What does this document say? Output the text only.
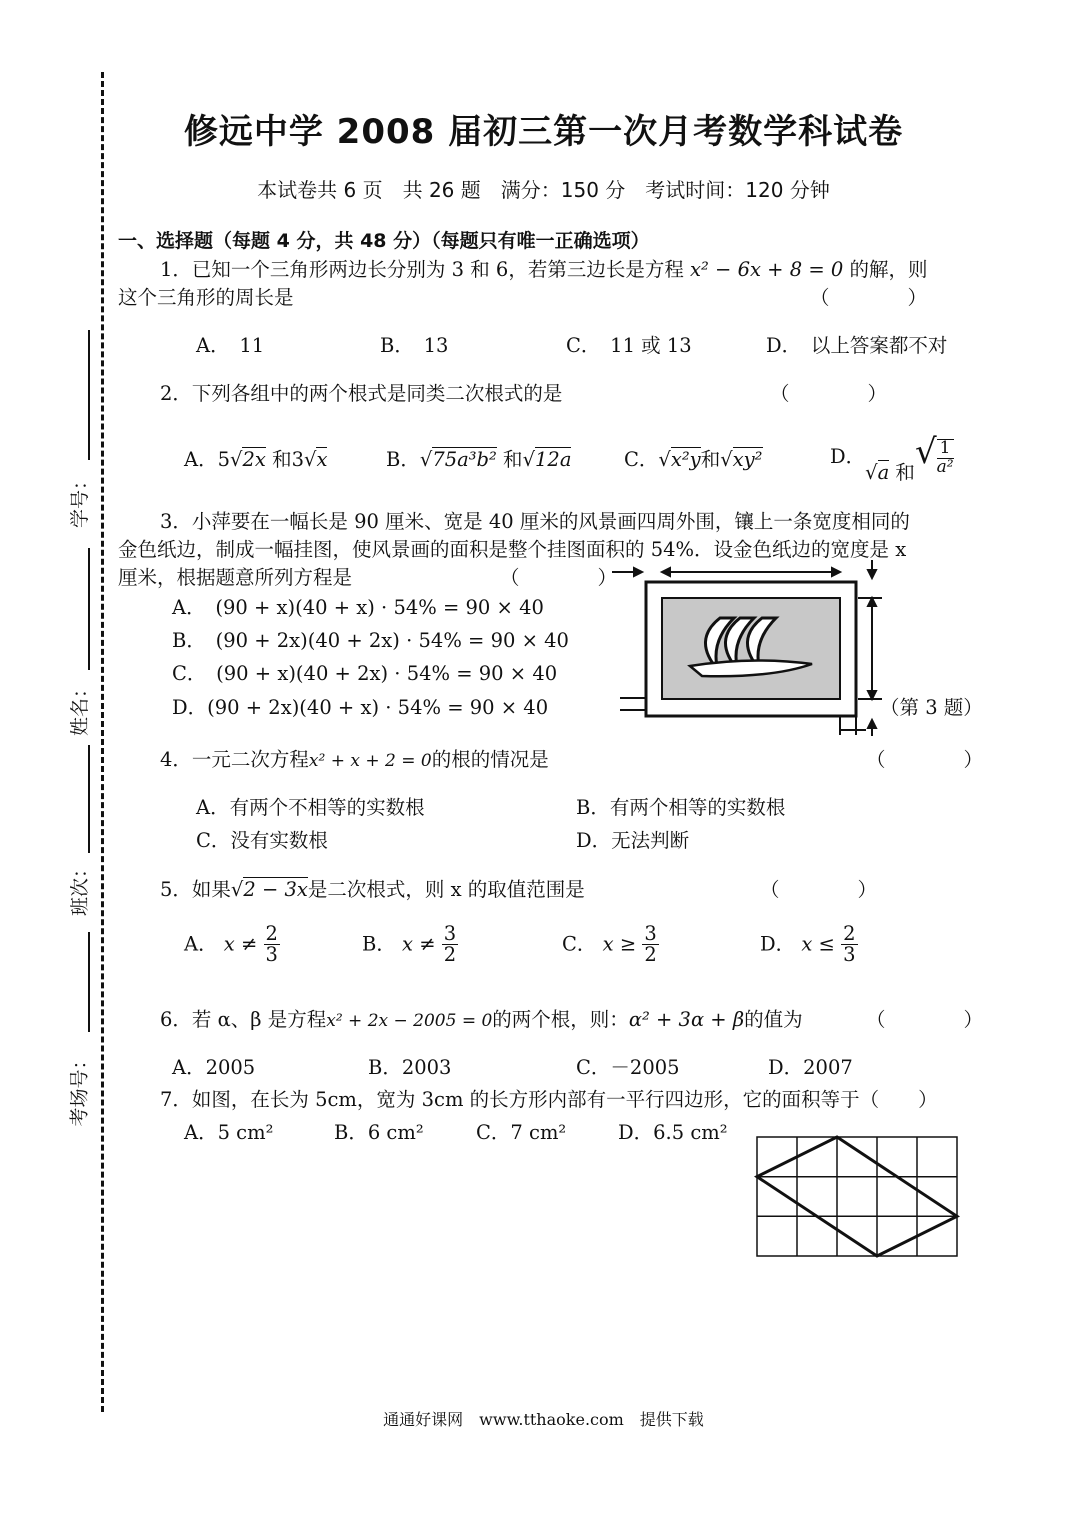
学号：
姓名：
班次：
考场号：
修远中学 2008 届初三第一次月考数学科试卷
本试卷共 6 页　共 26 题　满分：150 分　考试时间：120 分钟
一、选择题（每题 4 分，共 48 分）（每题只有唯一正确选项）
1．已知一个三角形两边长分别为 3 和 6，若第三边长是方程 x² − 6x + 8 = 0 的解，则
这个三角形的周长是	（　　　　）
A．　11	B．　13	C．　11 或 13	D．　以上答案都不对
2．下列各组中的两个根式是同类二次根式的是	（　　　　）
A．5√2x 和3√x	B．√75a³b² 和√12a	C．√x²y和√xy²	D．√a 和√ $\frac{1}{\text{a²}}$
3．小萍要在一幅长是 90 厘米、宽是 40 厘米的风景画四周外围，镶上一条宽度相同的
金色纸边，制成一幅挂图，使风景画的面积是整个挂图面积的 54%．设金色纸边的宽度是 x
厘米，根据题意所列方程是	（　　　　）
A．　(90 + x)(40 + x) · 54% = 90 × 40
B．　(90 + 2x)(40 + 2x) · 54% = 90 × 40
C．　(90 + x)(40 + 2x) · 54% = 90 × 40
D．(90 + 2x)(40 + x) · 54% = 90 × 40	（第 3 题）
4．一元二次方程x² + x + 2 = 0的根的情况是	（　　　　）
A．有两个不相等的实数根	B．有两个相等的实数根
C．没有实数根	D．无法判断
5．如果√2 − 3x是二次根式，则 x 的取值范围是	（　　　　）
A． $x \ne \frac{2}{3}$	B． $x \ne \frac{3}{2}$	C． $x \ge \frac{3}{2}$	D． $x \le \frac{2}{3}$
6．若 α、β 是方程x² + 2x − 2005 = 0的两个根，则：α² + 3α + β的值为	（　　　　）
A．2005	B．2003	C．－2005	D．2007
7．如图，在长为 5cm，宽为 3cm 的长方形内部有一平行四边形，它的面积等于（　　）
A．5 cm²	B．6 cm²	C．7 cm²	D．6.5 cm²
通通好课网　www.tthaoke.com　提供下载
